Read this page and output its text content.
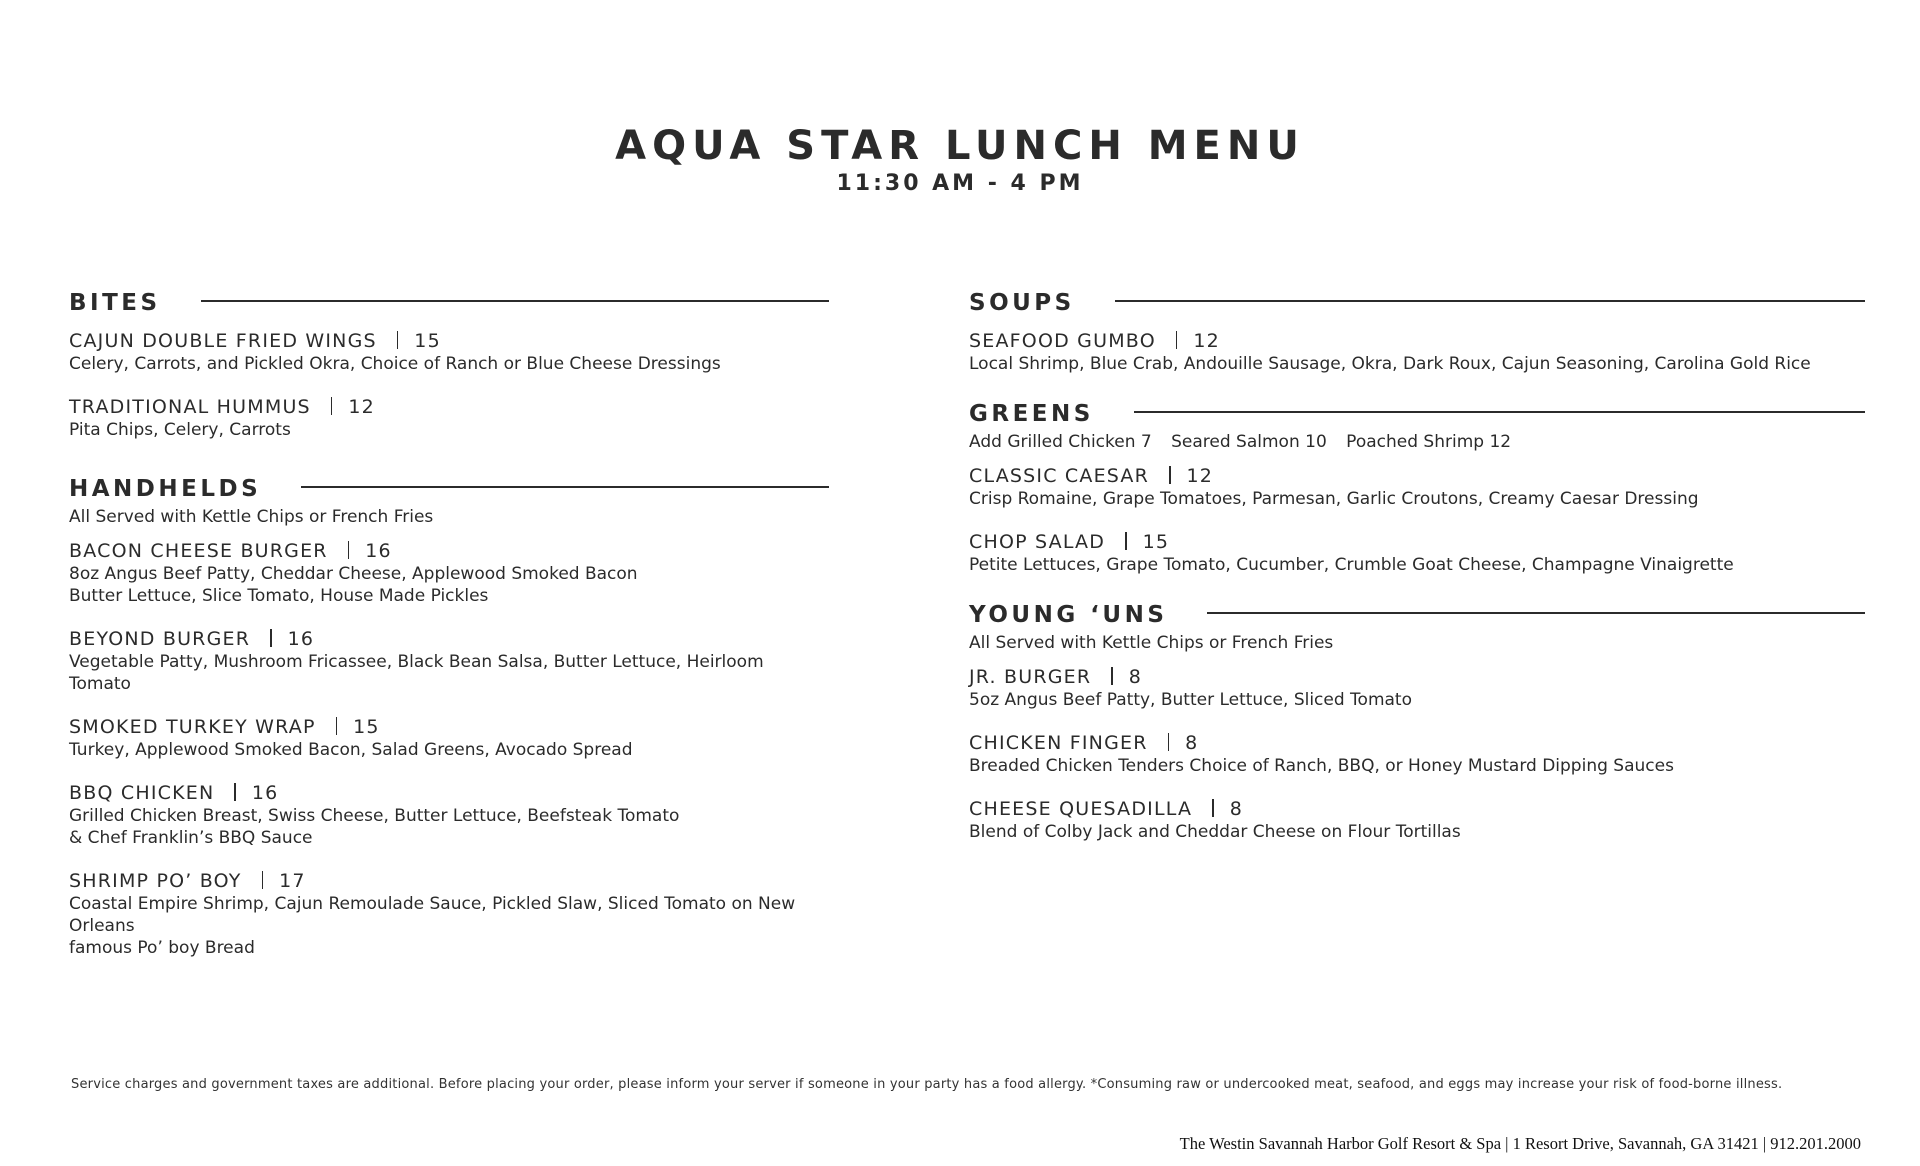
AQUA STAR LUNCH MENU
11:30 AM - 4 PM
BITES
CAJUN DOUBLE FRIED WINGS 15
Celery, Carrots, and Pickled Okra, Choice of Ranch or Blue Cheese Dressings
TRADITIONAL HUMMUS 12
Pita Chips, Celery, Carrots
HANDHELDS
All Served with Kettle Chips or French Fries
BACON CHEESE BURGER 16
8oz Angus Beef Patty, Cheddar Cheese, Applewood Smoked Bacon
Butter Lettuce, Slice Tomato, House Made Pickles
BEYOND BURGER 16
Vegetable Patty, Mushroom Fricassee, Black Bean Salsa, Butter Lettuce, Heirloom Tomato
SMOKED TURKEY WRAP 15
Turkey, Applewood Smoked Bacon, Salad Greens, Avocado Spread
BBQ CHICKEN 16
Grilled Chicken Breast, Swiss Cheese, Butter Lettuce, Beefsteak Tomato
& Chef Franklin’s BBQ Sauce
SHRIMP PO’ BOY 17
Coastal Empire Shrimp, Cajun Remoulade Sauce, Pickled Slaw, Sliced Tomato on New Orleans
famous Po’ boy Bread
SOUPS
SEAFOOD GUMBO 12
Local Shrimp, Blue Crab, Andouille Sausage, Okra, Dark Roux, Cajun Seasoning, Carolina Gold Rice
GREENS
Add Grilled Chicken 7 Seared Salmon 10 Poached Shrimp 12
CLASSIC CAESAR 12
Crisp Romaine, Grape Tomatoes, Parmesan, Garlic Croutons, Creamy Caesar Dressing
CHOP SALAD 15
Petite Lettuces, Grape Tomato, Cucumber, Crumble Goat Cheese, Champagne Vinaigrette
YOUNG ‘UNS
All Served with Kettle Chips or French Fries
JR. BURGER 8
5oz Angus Beef Patty, Butter Lettuce, Sliced Tomato
CHICKEN FINGER 8
Breaded Chicken Tenders Choice of Ranch, BBQ, or Honey Mustard Dipping Sauces
CHEESE QUESADILLA 8
Blend of Colby Jack and Cheddar Cheese on Flour Tortillas
Service charges and government taxes are additional. Before placing your order, please inform your server if someone in your party has a food allergy. *Consuming raw or undercooked meat, seafood, and eggs may increase your risk of food-borne illness.
The Westin Savannah Harbor Golf Resort & Spa | 1 Resort Drive, Savannah, GA 31421 | 912.201.2000
